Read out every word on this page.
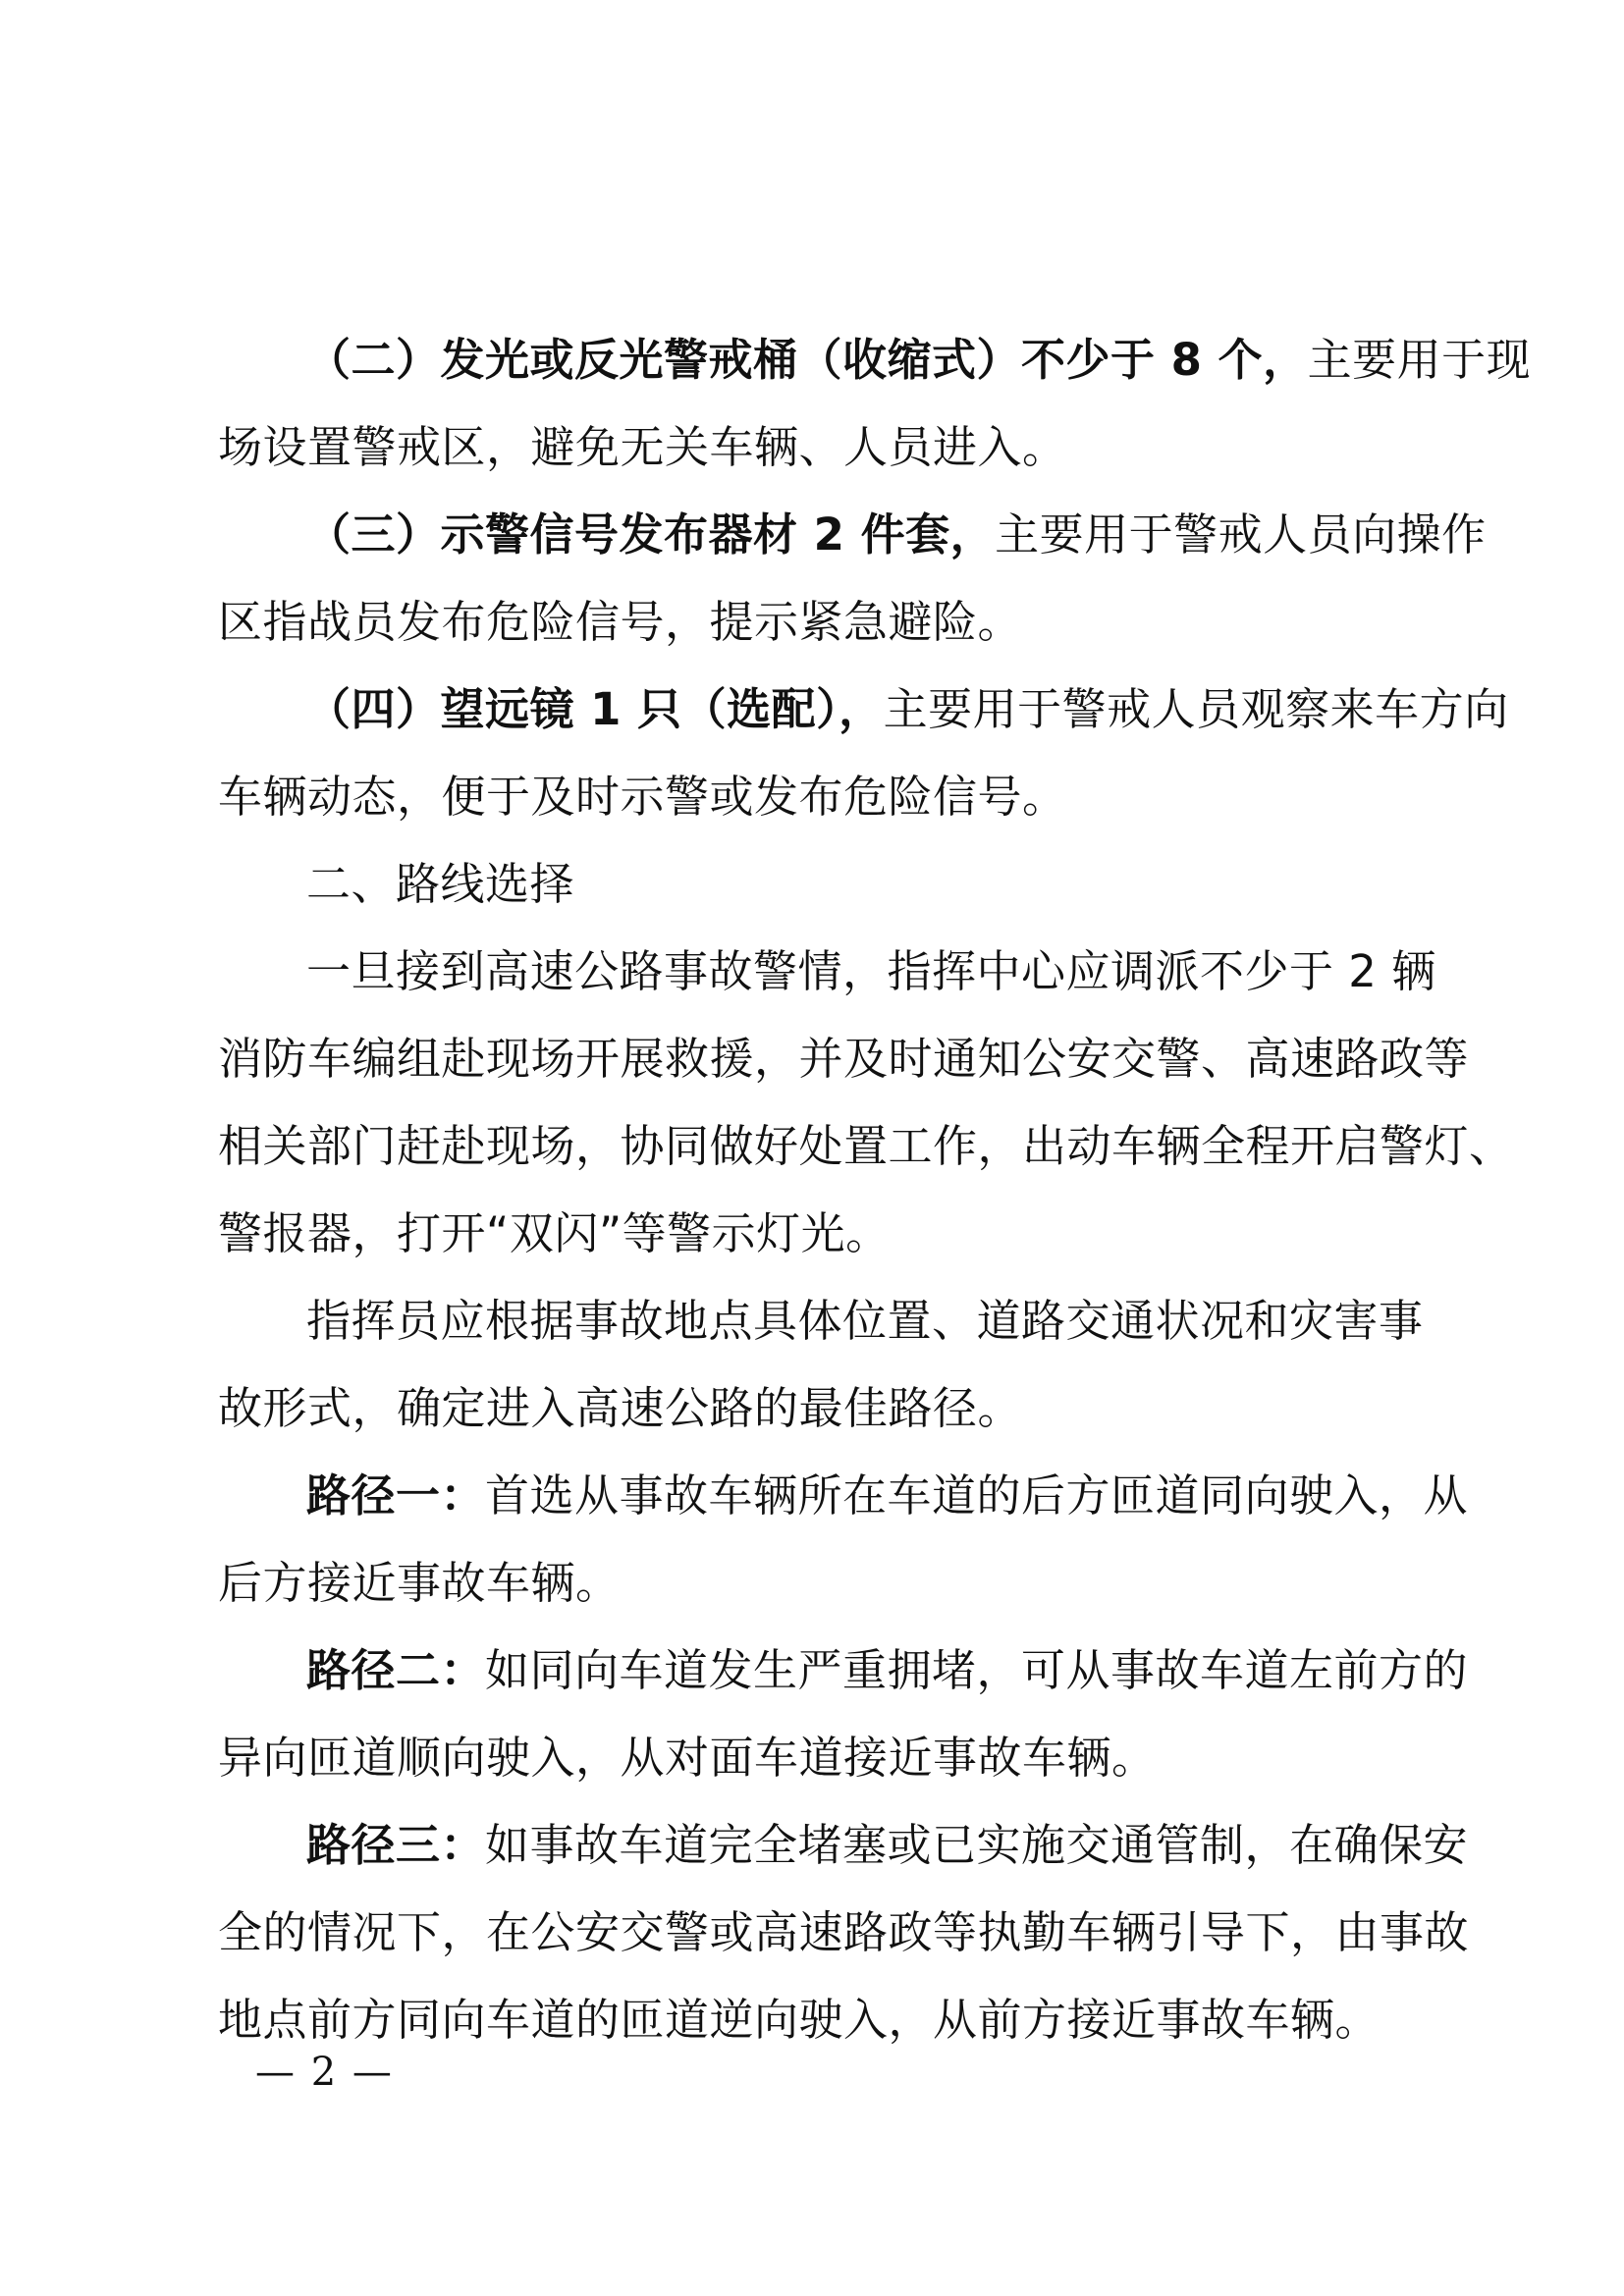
（二）发光或反光警戒桶（收缩式）不少于 8 个，主要用于现
场设置警戒区，避免无关车辆、人员进入。
（三）示警信号发布器材 2 件套，主要用于警戒人员向操作
区指战员发布危险信号，提示紧急避险。
（四）望远镜 1 只（选配），主要用于警戒人员观察来车方向
车辆动态，便于及时示警或发布危险信号。
二、路线选择
一旦接到高速公路事故警情，指挥中心应调派不少于 2 辆
消防车编组赴现场开展救援，并及时通知公安交警、高速路政等
相关部门赶赴现场，协同做好处置工作，出动车辆全程开启警灯、
警报器，打开“双闪”等警示灯光。
指挥员应根据事故地点具体位置、道路交通状况和灾害事
故形式，确定进入高速公路的最佳路径。
路径一：首选从事故车辆所在车道的后方匝道同向驶入，从
后方接近事故车辆。
路径二：如同向车道发生严重拥堵，可从事故车道左前方的
异向匝道顺向驶入，从对面车道接近事故车辆。
路径三：如事故车道完全堵塞或已实施交通管制，在确保安
全的情况下，在公安交警或高速路政等执勤车辆引导下，由事故
地点前方同向车道的匝道逆向驶入，从前方接近事故车辆。
— 2 —
